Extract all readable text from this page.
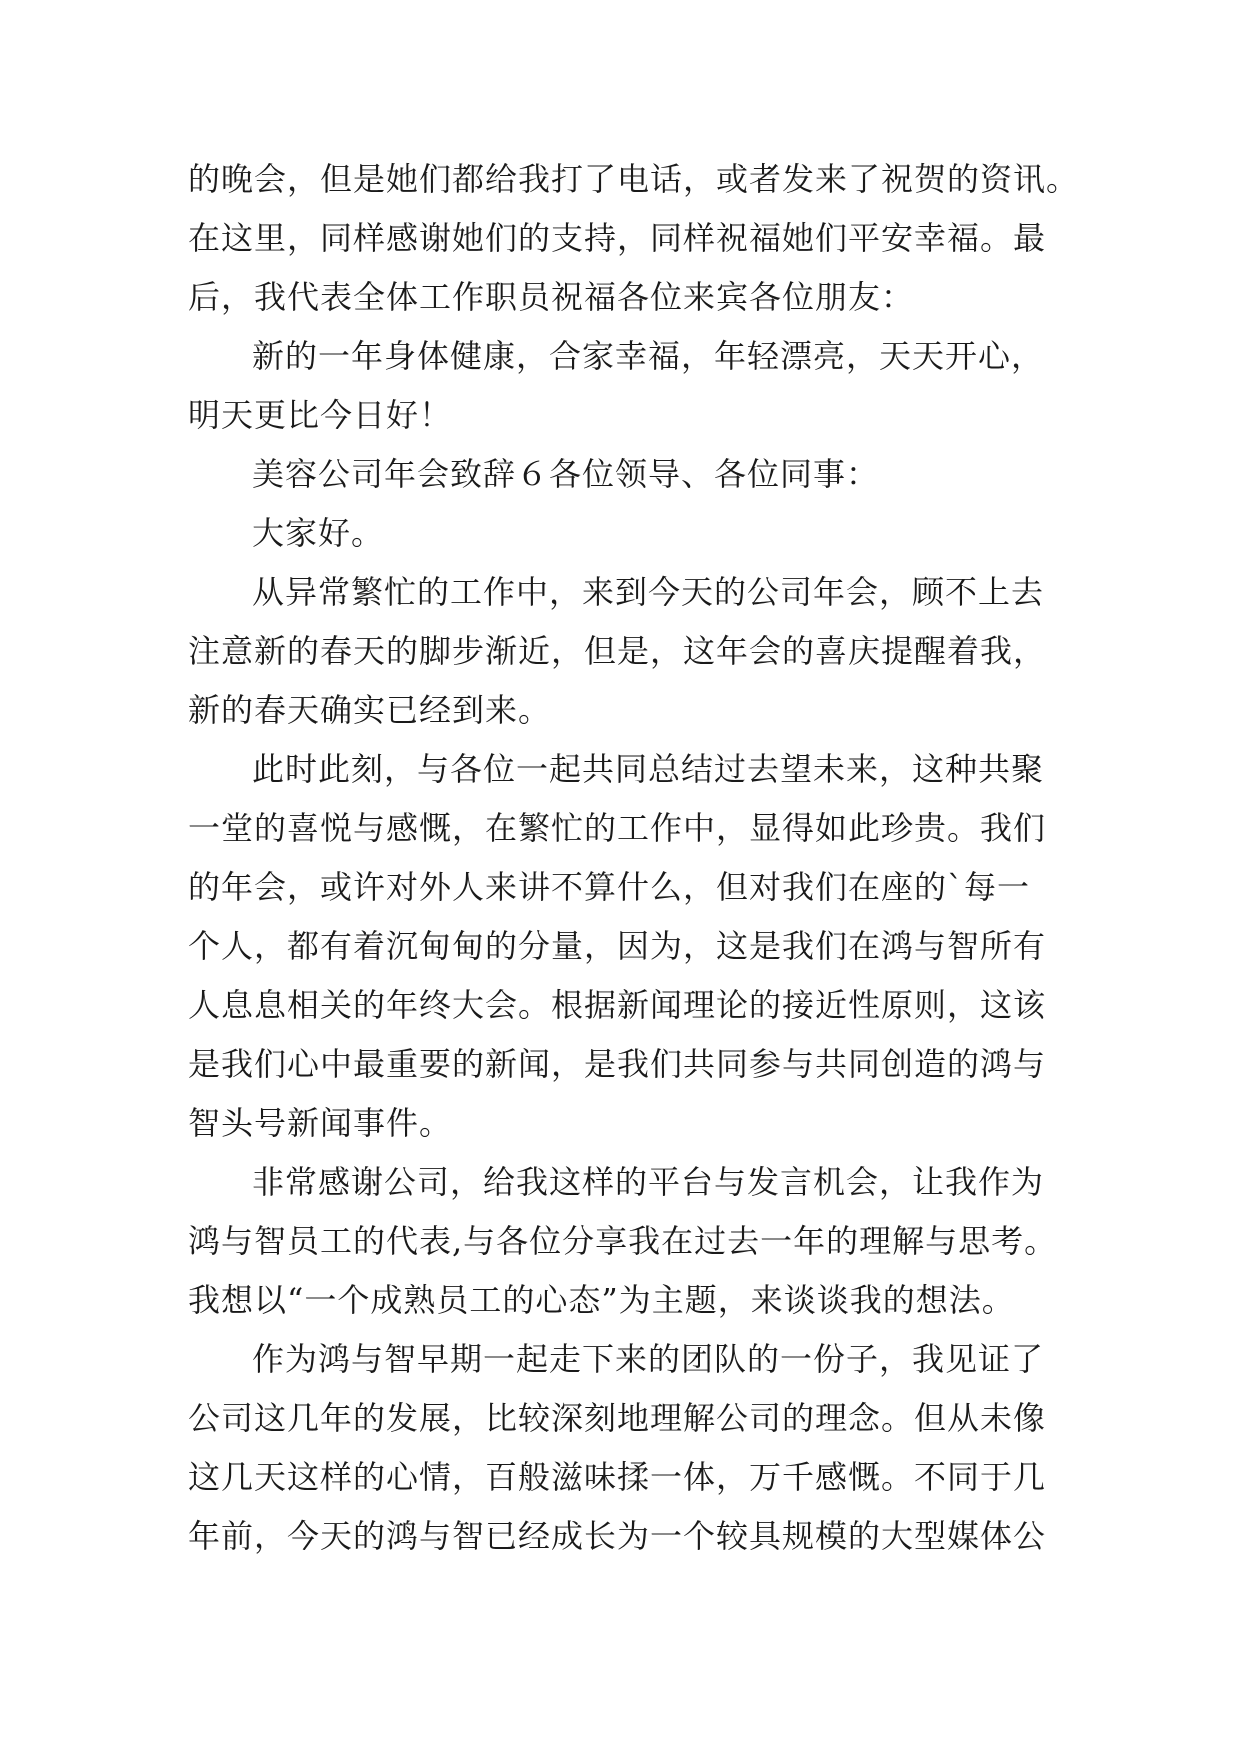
的晚会，但是她们都给我打了电话，或者发来了祝贺的资讯。
在这里，同样感谢她们的支持，同样祝福她们平安幸福。最
后，我代表全体工作职员祝福各位来宾各位朋友：
新的一年身体健康，合家幸福，年轻漂亮，天天开心，
明天更比今日好！
美容公司年会致辞６各位领导、各位同事：
大家好。
从异常繁忙的工作中，来到今天的公司年会，顾不上去
注意新的春天的脚步渐近，但是，这年会的喜庆提醒着我，
新的春天确实已经到来。
此时此刻，与各位一起共同总结过去望未来，这种共聚
一堂的喜悦与感慨，在繁忙的工作中，显得如此珍贵。我们
的年会，或许对外人来讲不算什么，但对我们在座的`每一
个人，都有着沉甸甸的分量，因为，这是我们在鸿与智所有
人息息相关的年终大会。根据新闻理论的接近性原则，这该
是我们心中最重要的新闻，是我们共同参与共同创造的鸿与
智头号新闻事件。
非常感谢公司，给我这样的平台与发言机会，让我作为
鸿与智员工的代表,与各位分享我在过去一年的理解与思考。
我想以“一个成熟员工的心态”为主题，来谈谈我的想法。
作为鸿与智早期一起走下来的团队的一份子，我见证了
公司这几年的发展，比较深刻地理解公司的理念。但从未像
这几天这样的心情，百般滋味揉一体，万千感慨。不同于几
年前，今天的鸿与智已经成长为一个较具规模的大型媒体公
